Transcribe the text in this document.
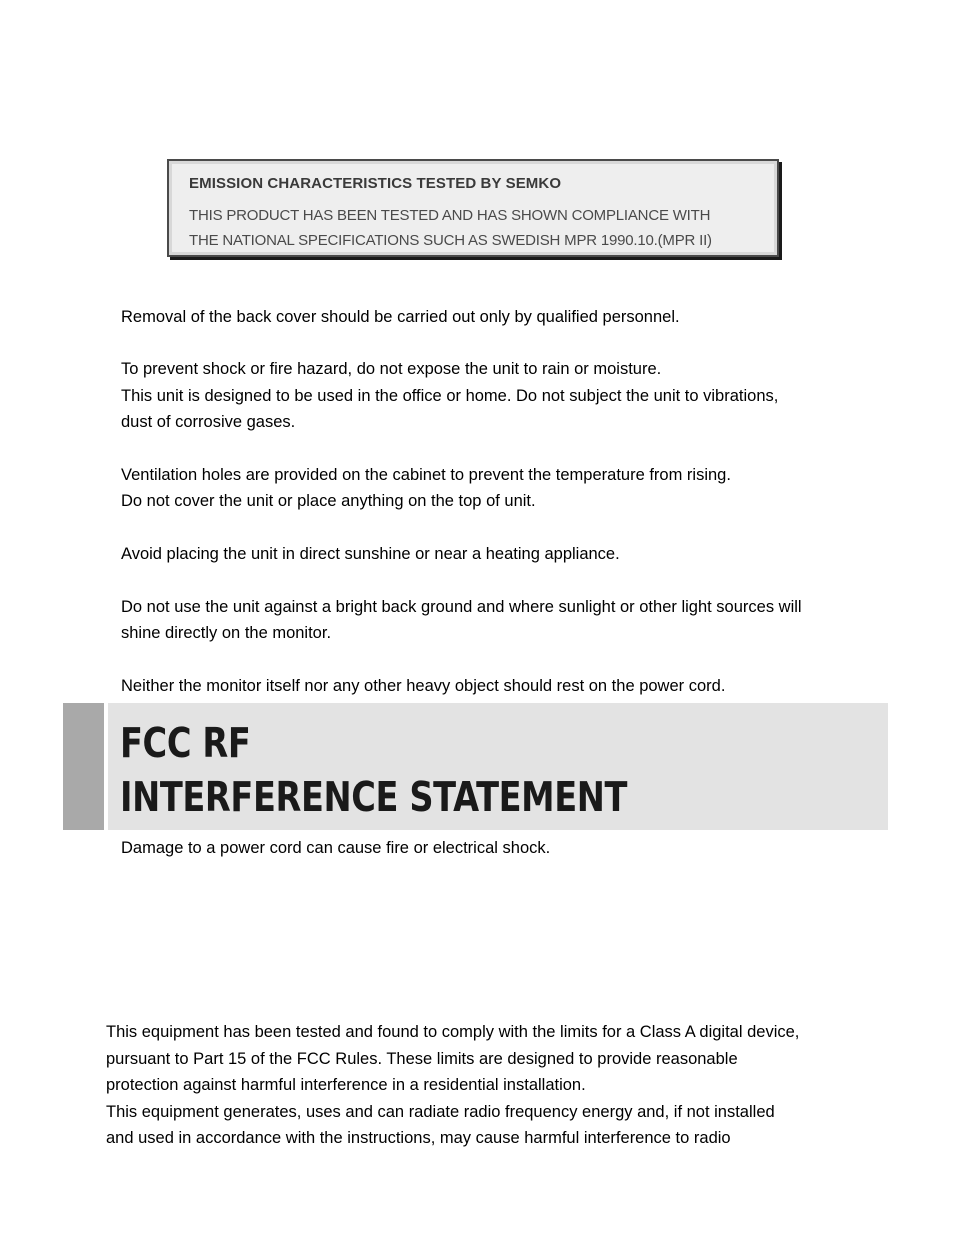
EMISSION CHARACTERISTICS TESTED BY SEMKO
THIS PRODUCT HAS BEEN TESTED AND HAS SHOWN COMPLIANCE WITH
THE NATIONAL SPECIFICATIONS SUCH AS SWEDISH MPR 1990.10.(MPR II)
Removal of the back cover should be carried out only by qualified personnel.
To prevent shock or fire hazard, do not expose the unit to rain or moisture.
This unit is designed to be used in the office or home. Do not subject the unit to vibrations,
dust of corrosive gases.
Ventilation holes are provided on the cabinet to prevent the temperature from rising.
Do not cover the unit or place anything on the top of unit.
Avoid placing the unit in direct sunshine or near a heating appliance.
Do not use the unit against a bright back ground and where sunlight or other light sources will
shine directly on the monitor.
Neither the monitor itself nor any other heavy object should rest on the power cord.
FCC RF
INTERFERENCE STATEMENT
Damage to a power cord can cause fire or electrical shock.
This equipment has been tested and found to comply with the limits for a Class A digital device,
pursuant to Part 15 of the FCC Rules. These limits are designed to provide reasonable
protection against harmful interference in a residential installation.
This equipment generates, uses and can radiate radio frequency energy and, if not installed
and used in accordance with the instructions, may cause harmful interference to radio
